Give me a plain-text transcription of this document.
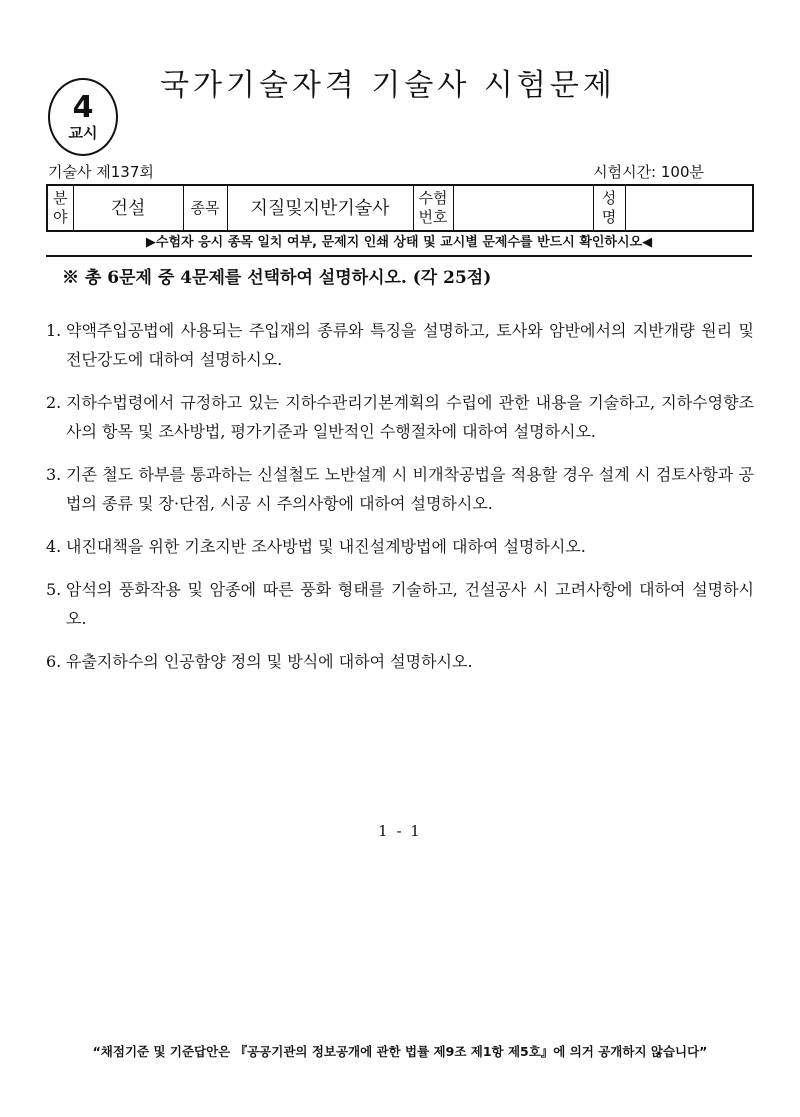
4
교시
국가기술자격 기술사 시험문제
기술사 제137회	시험시간: 100분
분야	건설	종목	지질및지반기술사	수험번호		성명	
▶수험자 응시 종목 일치 여부, 문제지 인쇄 상태 및 교시별 문제수를 반드시 확인하시오◀
※ 총 6문제 중 4문제를 선택하여 설명하시오. (각 25점)
1. 약액주입공법에 사용되는 주입재의 종류와 특징을 설명하고, 토사와 암반에서의 지반개량 원리 및 전단강도에 대하여 설명하시오.
2. 지하수법령에서 규정하고 있는 지하수관리기본계획의 수립에 관한 내용을 기술하고, 지하수영향조사의 항목 및 조사방법, 평가기준과 일반적인 수행절차에 대하여 설명하시오.
3. 기존 철도 하부를 통과하는 신설철도 노반설계 시 비개착공법을 적용할 경우 설계 시 검토사항과 공법의 종류 및 장·단점, 시공 시 주의사항에 대하여 설명하시오.
4. 내진대책을 위한 기초지반 조사방법 및 내진설계방법에 대하여 설명하시오.
5. 암석의 풍화작용 및 암종에 따른 풍화 형태를 기술하고, 건설공사 시 고려사항에 대하여 설명하시오.
6. 유출지하수의 인공함양 정의 및 방식에 대하여 설명하시오.
1 - 1
“채점기준 및 기준답안은 『공공기관의 정보공개에 관한 법률 제9조 제1항 제5호』에 의거 공개하지 않습니다”
